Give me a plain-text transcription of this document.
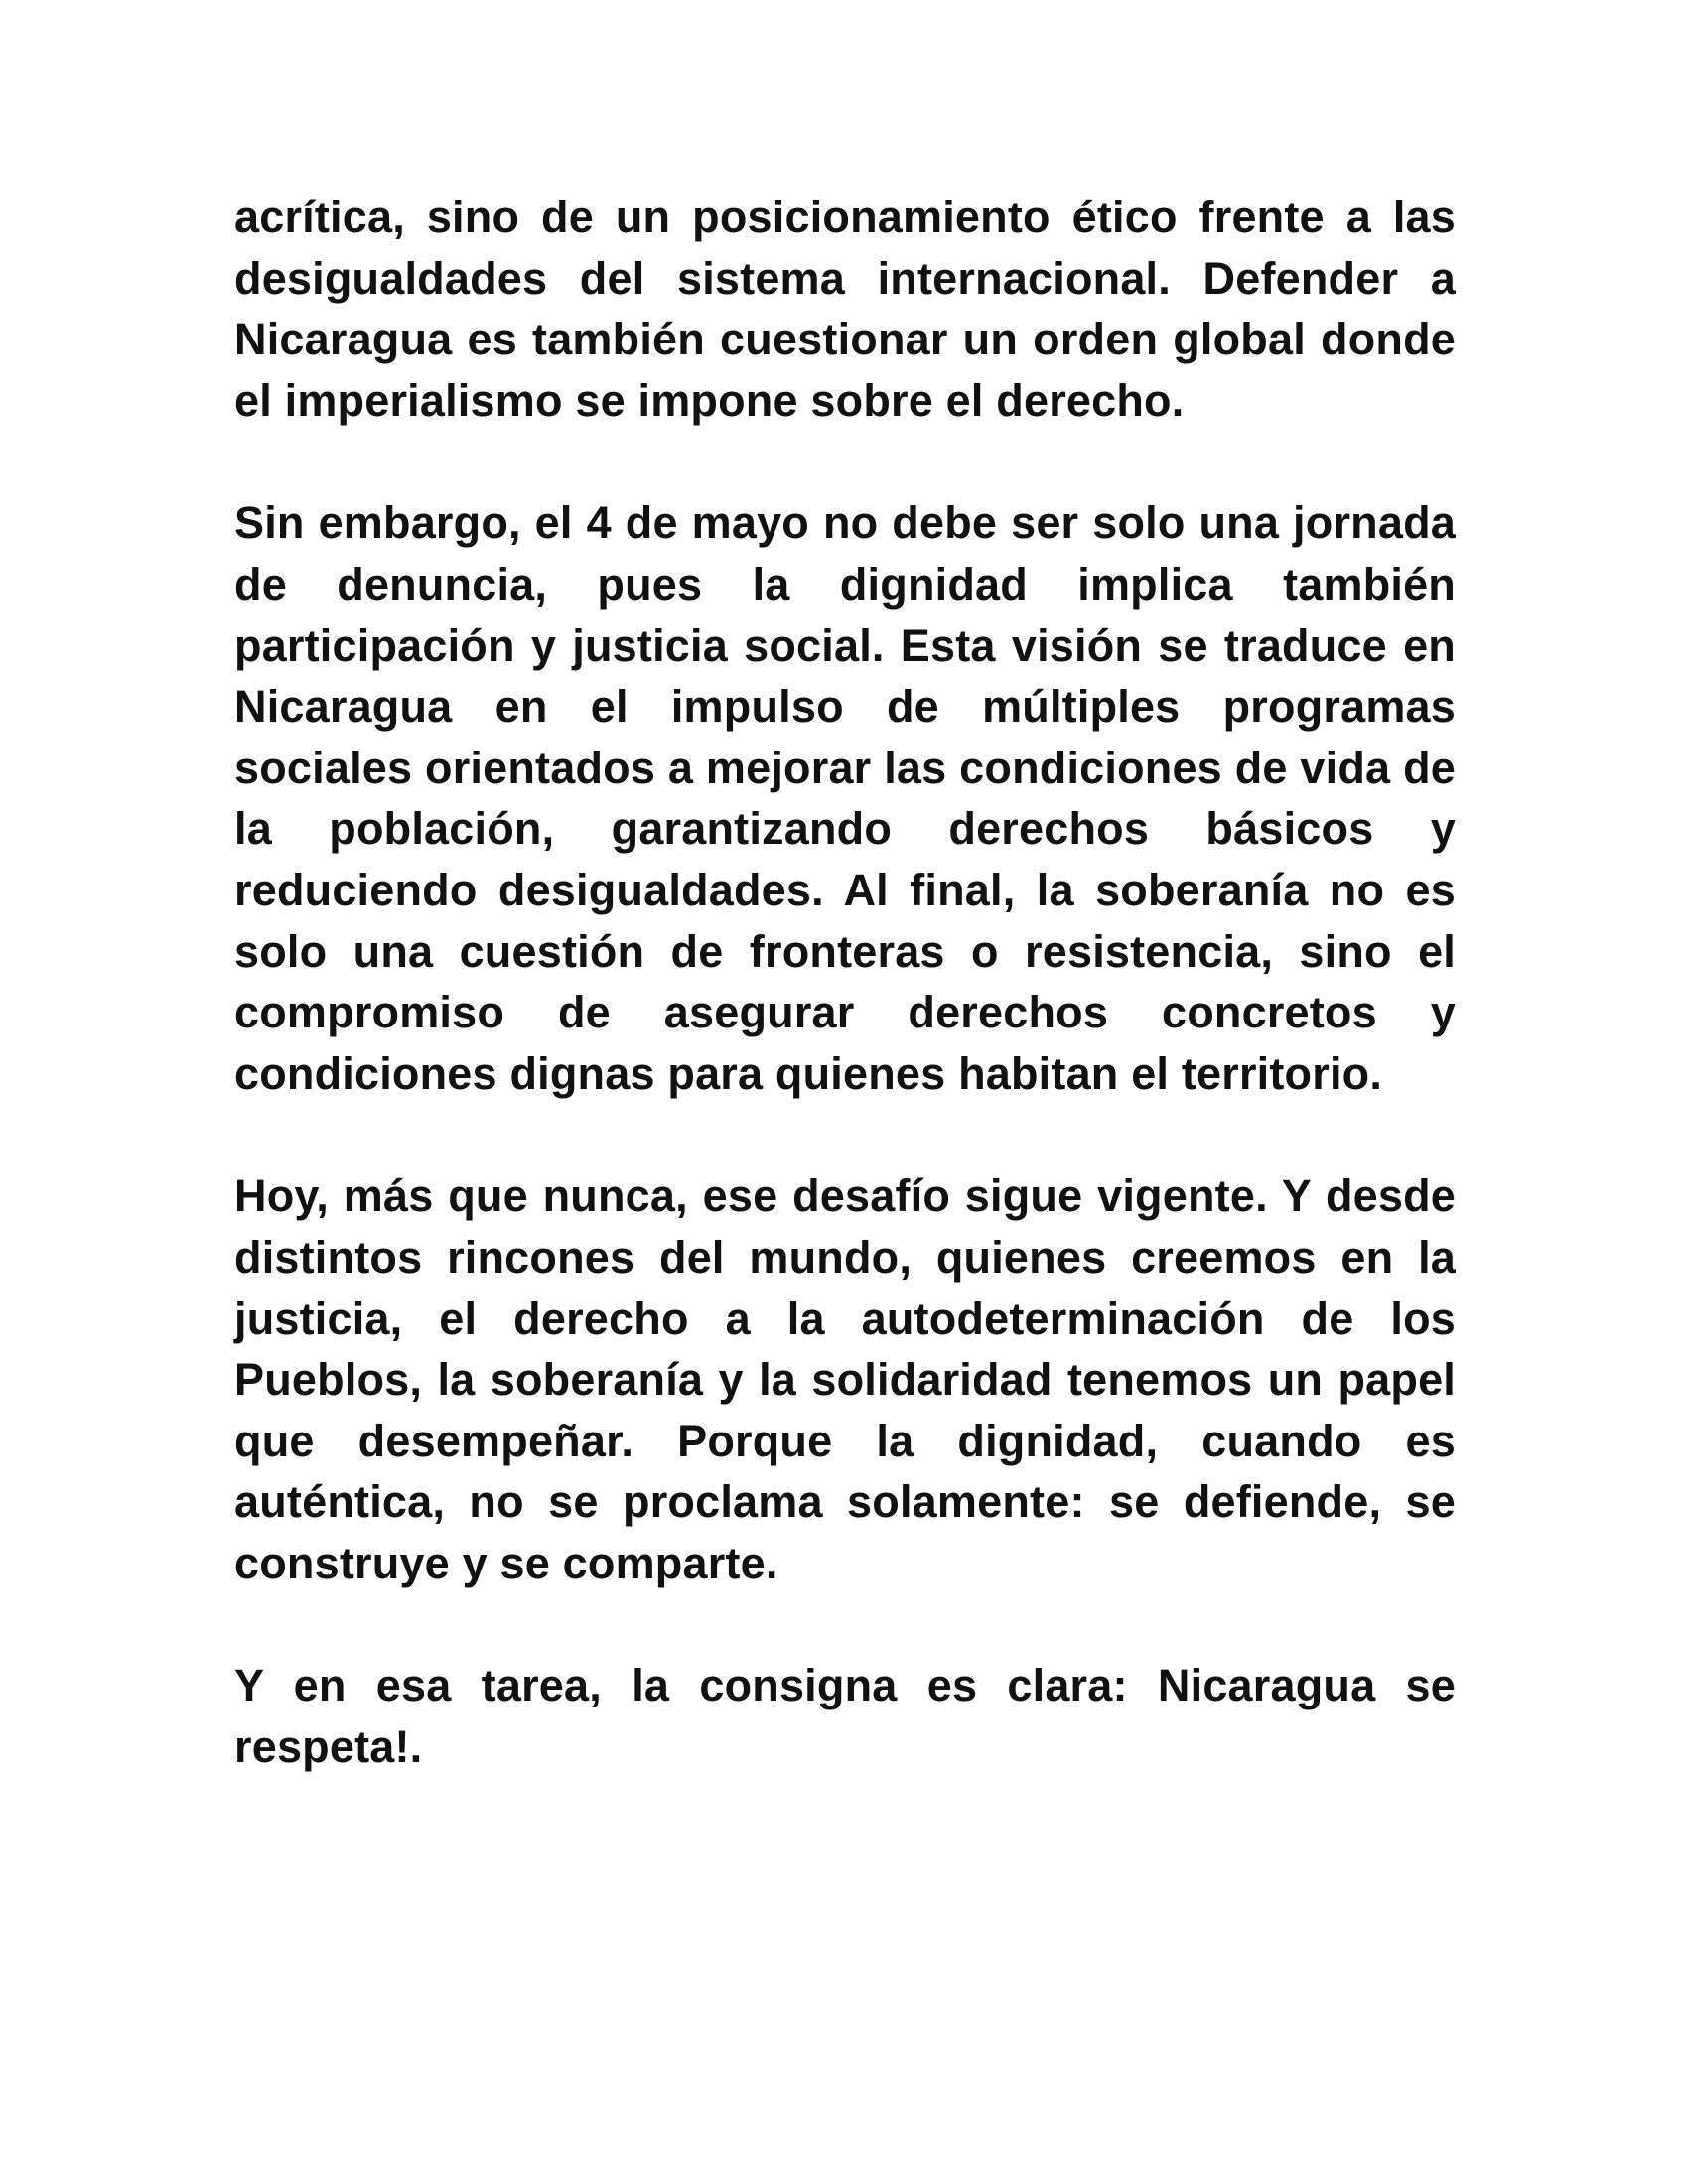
acrítica, sino de un posicionamiento ético frente a las desigualdades del sistema internacional. Defender a Nicaragua es también cuestionar un orden global donde el imperialismo se impone sobre el derecho.

Sin embargo, el 4 de mayo no debe ser solo una jornada de denuncia, pues la dignidad implica también participación y justicia social. Esta visión se traduce en Nicaragua en el impulso de múltiples programas sociales orientados a mejorar las condiciones de vida de la población, garantizando derechos básicos y reduciendo desigualdades. Al final, la soberanía no es solo una cuestión de fronteras o resistencia, sino el compromiso de asegurar derechos concretos y condiciones dignas para quienes habitan el territorio.

Hoy, más que nunca, ese desafío sigue vigente. Y desde distintos rincones del mundo, quienes creemos en la justicia, el derecho a la autodeterminación de los Pueblos, la soberanía y la solidaridad tenemos un papel que desempeñar. Porque la dignidad, cuando es auténtica, no se proclama solamente: se defiende, se construye y se comparte.

Y en esa tarea, la consigna es clara: Nicaragua se respeta!.
